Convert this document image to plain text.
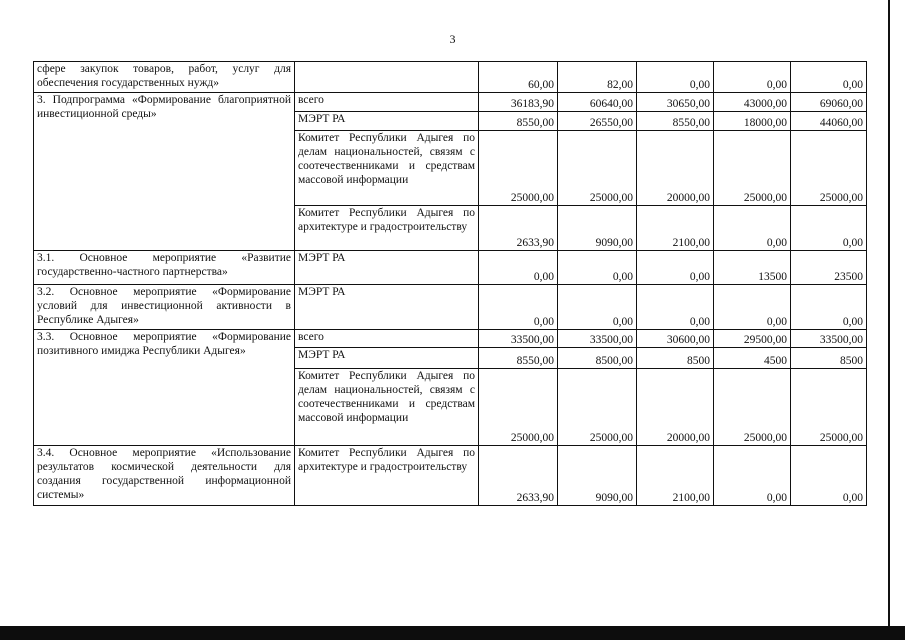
3
сфере закупок товаров, работ, услуг для обеспечения государственных нужд»		60,00	82,00	0,00	0,00	0,00
3. Подпрограмма «Формирование благоприятной инвестиционной среды»	всего	36183,90	60640,00	30650,00	43000,00	69060,00
	МЭРТ РА	8550,00	26550,00	8550,00	18000,00	44060,00
	Комитет Республики Адыгея по делам национальностей, связям с соотечественниками и средствам массовой информации	25000,00	25000,00	20000,00	25000,00	25000,00
	Комитет Республики Адыгея по архитектуре и градостроительству	2633,90	9090,00	2100,00	0,00	0,00
3.1. Основное мероприятие «Развитие государственно-частного партнерства»	МЭРТ РА	0,00	0,00	0,00	13500	23500
3.2. Основное мероприятие «Формирование условий для инвестиционной активности в Республике Адыгея»	МЭРТ РА	0,00	0,00	0,00	0,00	0,00
3.3. Основное мероприятие «Формирование позитивного имиджа Республики Адыгея»	всего	33500,00	33500,00	30600,00	29500,00	33500,00
	МЭРТ РА	8550,00	8500,00	8500	4500	8500
	Комитет Республики Адыгея по делам национальностей, связям с соотечественниками и средствам массовой информации	25000,00	25000,00	20000,00	25000,00	25000,00
3.4. Основное мероприятие «Использование результатов космической деятельности для создания государственной информационной системы»	Комитет Республики Адыгея по архитектуре и градостроительству	2633,90	9090,00	2100,00	0,00	0,00
